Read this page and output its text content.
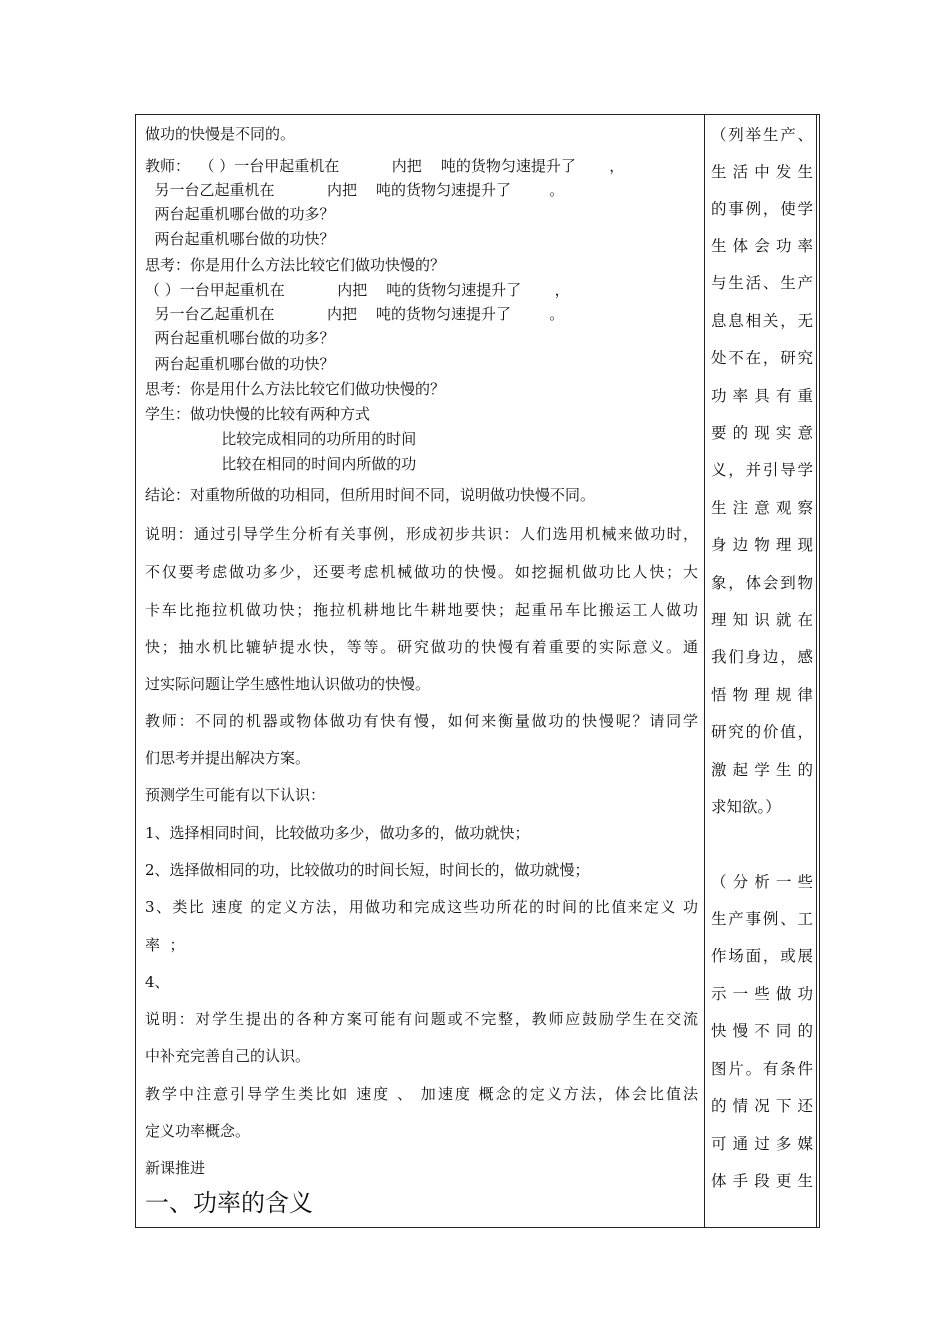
做功的快慢是不同的。
教师：  （ ）一台甲起重机在           内把    吨的货物匀速提升了       ，
另一台乙起重机在           内把    吨的货物匀速提升了        。
两台起重机哪台做的功多？
两台起重机哪台做的功快？
思考：你是用什么方法比较它们做功快慢的？
（ ）一台甲起重机在           内把    吨的货物匀速提升了       ，
另一台乙起重机在           内把    吨的货物匀速提升了        。
两台起重机哪台做的功多？
两台起重机哪台做的功快？
思考：你是用什么方法比较它们做功快慢的？
学生：做功快慢的比较有两种方式
比较完成相同的功所用的时间
比较在相同的时间内所做的功
结论：对重物所做的功相同，但所用时间不同，说明做功快慢不同。
说明：通过引导学生分析有关事例，形成初步共识：人们选用机械来做功时，
不仅要考虑做功多少，还要考虑机械做功的快慢。如挖掘机做功比人快；大
卡车比拖拉机做功快；拖拉机耕地比牛耕地要快；起重吊车比搬运工人做功
快；抽水机比辘轳提水快，等等。研究做功的快慢有着重要的实际意义。通
过实际问题让学生感性地认识做功的快慢。
教师：不同的机器或物体做功有快有慢，如何来衡量做功的快慢呢？请同学
们思考并提出解决方案。
预测学生可能有以下认识：
1、选择相同时间，比较做功多少，做功多的，做功就快；
2、选择做相同的功，比较做功的时间长短，时间长的，做功就慢；
3、类比 速度 的定义方法，用做功和完成这些功所花的时间的比值来定义 功
率  ；
4、
说明：对学生提出的各种方案可能有问题或不完整，教师应鼓励学生在交流
中补充完善自己的认识。
教学中注意引导学生类比如 速度 、 加速度 概念的定义方法，体会比值法
定义功率概念。
新课推进
一、功率的含义
（列举生产、
生活中发生
的事例，使学
生体会功率
与生活、生产
息息相关，无
处不在，研究
功率具有重
要的现实意
义，并引导学
生注意观察
身边物理现
象，体会到物
理知识就在
我们身边，感
悟物理规律
研究的价值，
激起学生的
求知欲。）
（分析一些
生产事例、工
作场面，或展
示一些做功
快慢不同的
图片。有条件
的情况下还
可通过多媒
体手段更生
